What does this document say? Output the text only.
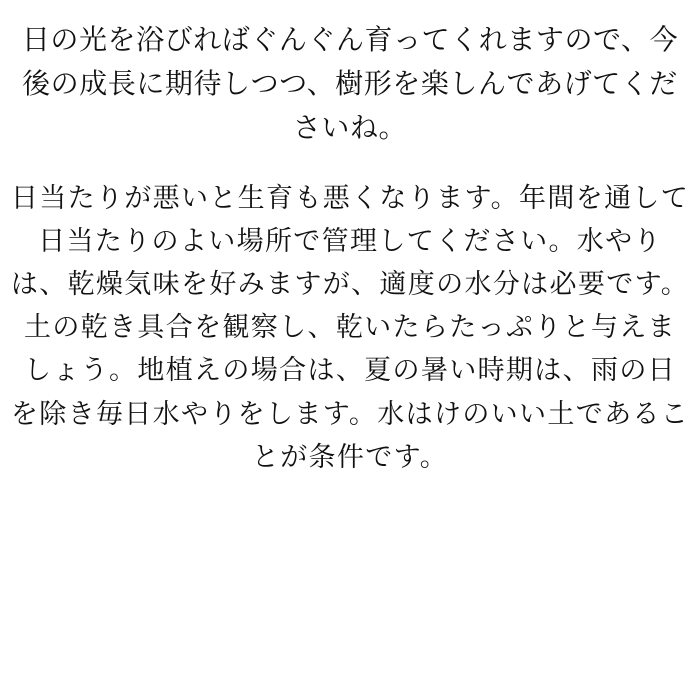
日の光を浴びればぐんぐん育ってくれますので、今後の成長に期待しつつ、樹形を楽しんであげてくださいね。

日当たりが悪いと生育も悪くなります。年間を通して日当たりのよい場所で管理してください。水やりは、乾燥気味を好みますが、適度の水分は必要です。土の乾き具合を観察し、乾いたらたっぷりと与えましょう。地植えの場合は、夏の暑い時期は、雨の日を除き毎日水やりをします。水はけのいい土であることが条件です。
